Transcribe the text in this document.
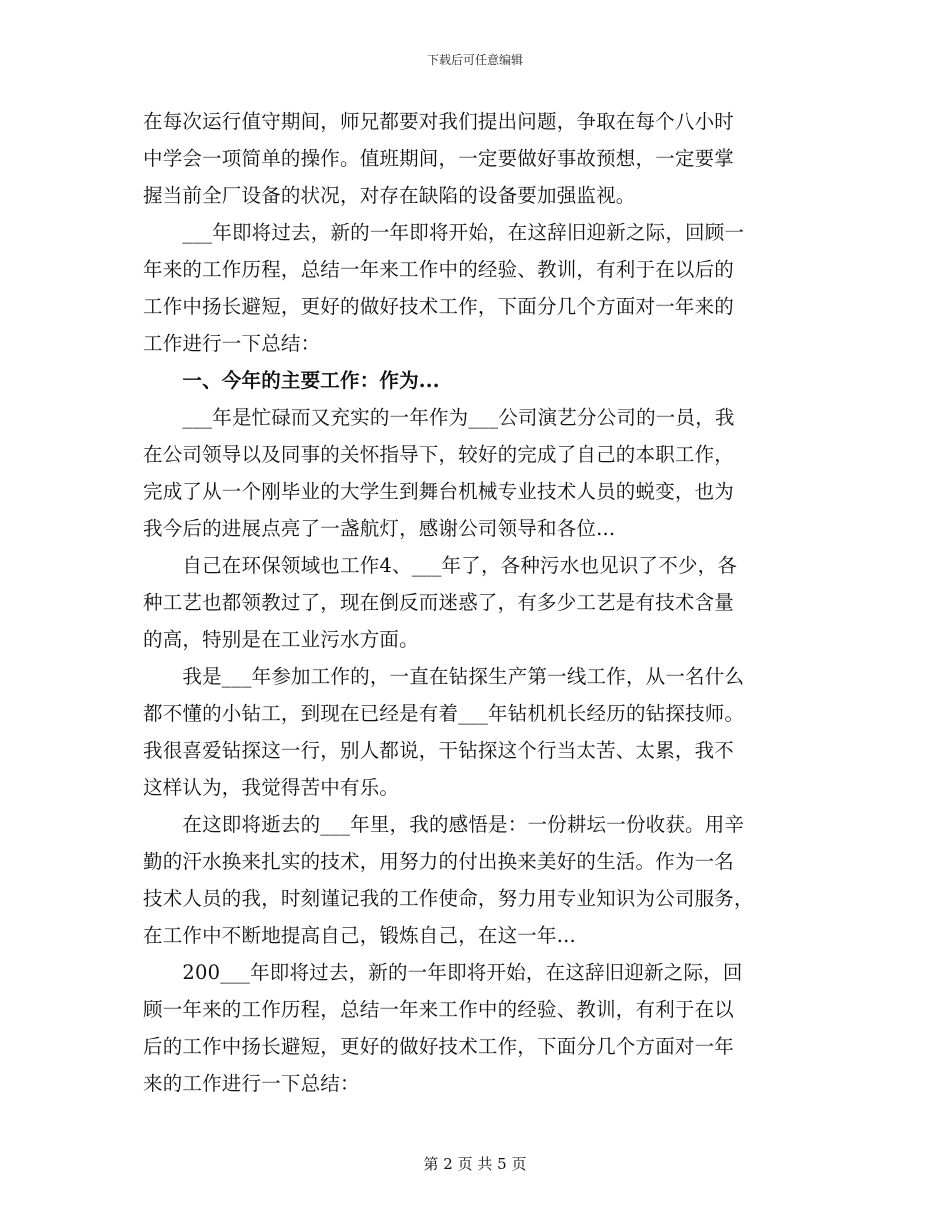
下载后可任意编辑
在每次运行值守期间，师兄都要对我们提出问题，争取在每个八小时
中学会一项简单的操作。值班期间，一定要做好事故预想，一定要掌
握当前全厂设备的状况，对存在缺陷的设备要加强监视。
　　___年即将过去，新的一年即将开始，在这辞旧迎新之际，回顾一
年来的工作历程，总结一年来工作中的经验、教训，有利于在以后的
工作中扬长避短，更好的做好技术工作，下面分几个方面对一年来的
工作进行一下总结：
　　一、今年的主要工作：作为...
　　___年是忙碌而又充实的一年作为___公司演艺分公司的一员，我
在公司领导以及同事的关怀指导下，较好的完成了自己的本职工作，
完成了从一个刚毕业的大学生到舞台机械专业技术人员的蜕变，也为
我今后的进展点亮了一盏航灯，感谢公司领导和各位...
　　自己在环保领域也工作4、___年了，各种污水也见识了不少，各
种工艺也都领教过了，现在倒反而迷惑了，有多少工艺是有技术含量
的高，特别是在工业污水方面。
　　我是___年参加工作的，一直在钻探生产第一线工作，从一名什么
都不懂的小钻工，到现在已经是有着___年钻机机长经历的钻探技师。
我很喜爱钻探这一行，别人都说，干钻探这个行当太苦、太累，我不
这样认为，我觉得苦中有乐。
　　在这即将逝去的___年里，我的感悟是：一份耕坛一份收获。用辛
勤的汗水换来扎实的技术，用努力的付出换来美好的生活。作为一名
技术人员的我，时刻谨记我的工作使命，努力用专业知识为公司服务，
在工作中不断地提高自己，锻炼自己，在这一年...
　　200___年即将过去，新的一年即将开始，在这辞旧迎新之际，回
顾一年来的工作历程，总结一年来工作中的经验、教训，有利于在以
后的工作中扬长避短，更好的做好技术工作，下面分几个方面对一年
来的工作进行一下总结：
第 2 页 共 5 页
